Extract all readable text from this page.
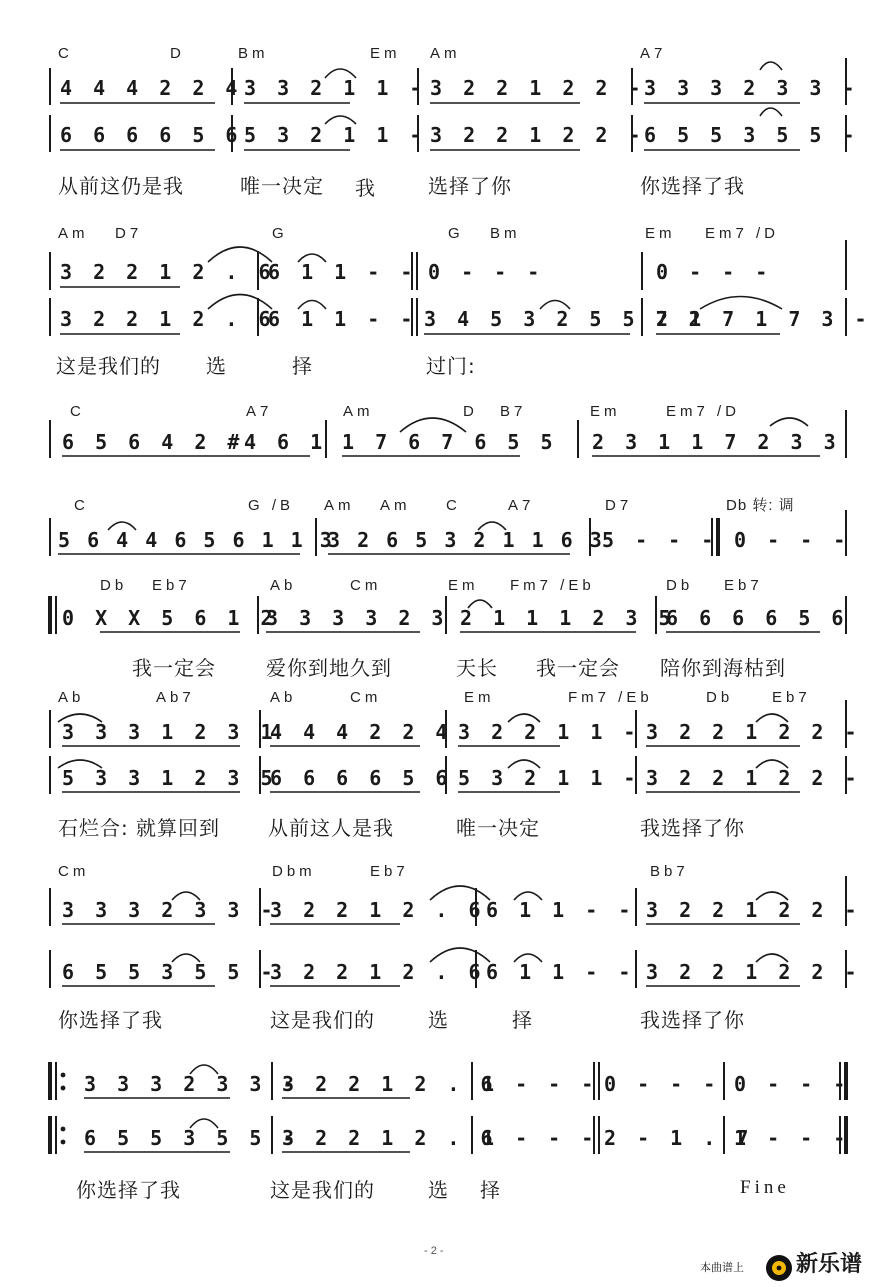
C	D	Bm	Em Am	A7
4 4 4 2 2 4 3 3 2 1 1 - 3 2 2 1 2 2 -
3 3 3 2 3 3 -
6 6 6 6 5 6 5 3 2 1 1 - 3 2 2 1 2 2 -
6 5 5 3 5 5 -
从前这仍是我	唯一决定 我	选择了你	你选择了我
Am D7	G	G Bm	Em Em7 /D
3 2 2 1 2 . 6
6 1 1 - - 0 - - -	0 - - -
3 2 2 1 2 . 6
6 1 1 - - 3 4 5 3 2 5 5 7 2
2 1 7 1 7 3 -
这是我们的 选	择	过门:
C	A7	Am	D B7	Em	Em7 /D
6 5 6 4 2 #4 6 1 1 7 6 7 6 5 5 2 3 1 1 7 2 3 3
C	G /B Am Am C	A7	D7	Db 转: 调
5 6 4 4 6 5 6 1 1 3
3 2 6 5 3 2 1 1 6 3
5 - - - 0 - - -
Db Eb7	Ab	Cm	Em Fm7 /Eb	Db Eb7
0 X X 5 6 1 2
3 3 3 3 2 3 2 1 1 1 2 3 5
6 6 6 6 5 6
我一定会	爱你到地久到	天长 我一定会 陪你到海枯到
Ab	Ab7	Ab	Cm	Em	Fm7 /Eb	Db	Eb7
3 3 3 1 2 3 1
4 4 4 2 2 4 3 2 2 1 1 - 3 2 2 1 2 2 -
5 3 3 1 2 3 5
6 6 6 6 5 6 5 3 2 1 1 - 3 2 2 1 2 2 -
石烂合: 就算回到 从前这人是我	唯一决定	我选择了你
Cm	Dbm	Eb7	Bb7
3 3 3 2 3 3 -
3 2 2 1 2 . 6 6 1 1 - - 3 2 2 1 2 2 -
6 5 5 3 5 5 -
3 2 2 1 2 . 6 6 1 1 - - 3 2 2 1 2 2 -
你选择了我	这是我们的	选	择	我选择了你
3 3 3 2 3 3 -
3 2 2 1 2 . 6
1 - - - 0 - - - 0 - - -
6 5 5 3 5 5 -
3 2 2 1 2 . 6
1 - - - 2 - 1 . 7
1 - - -
你选择了我	这是我们的	选 择	Fine
- 2 -
本曲谱上 新乐谱
